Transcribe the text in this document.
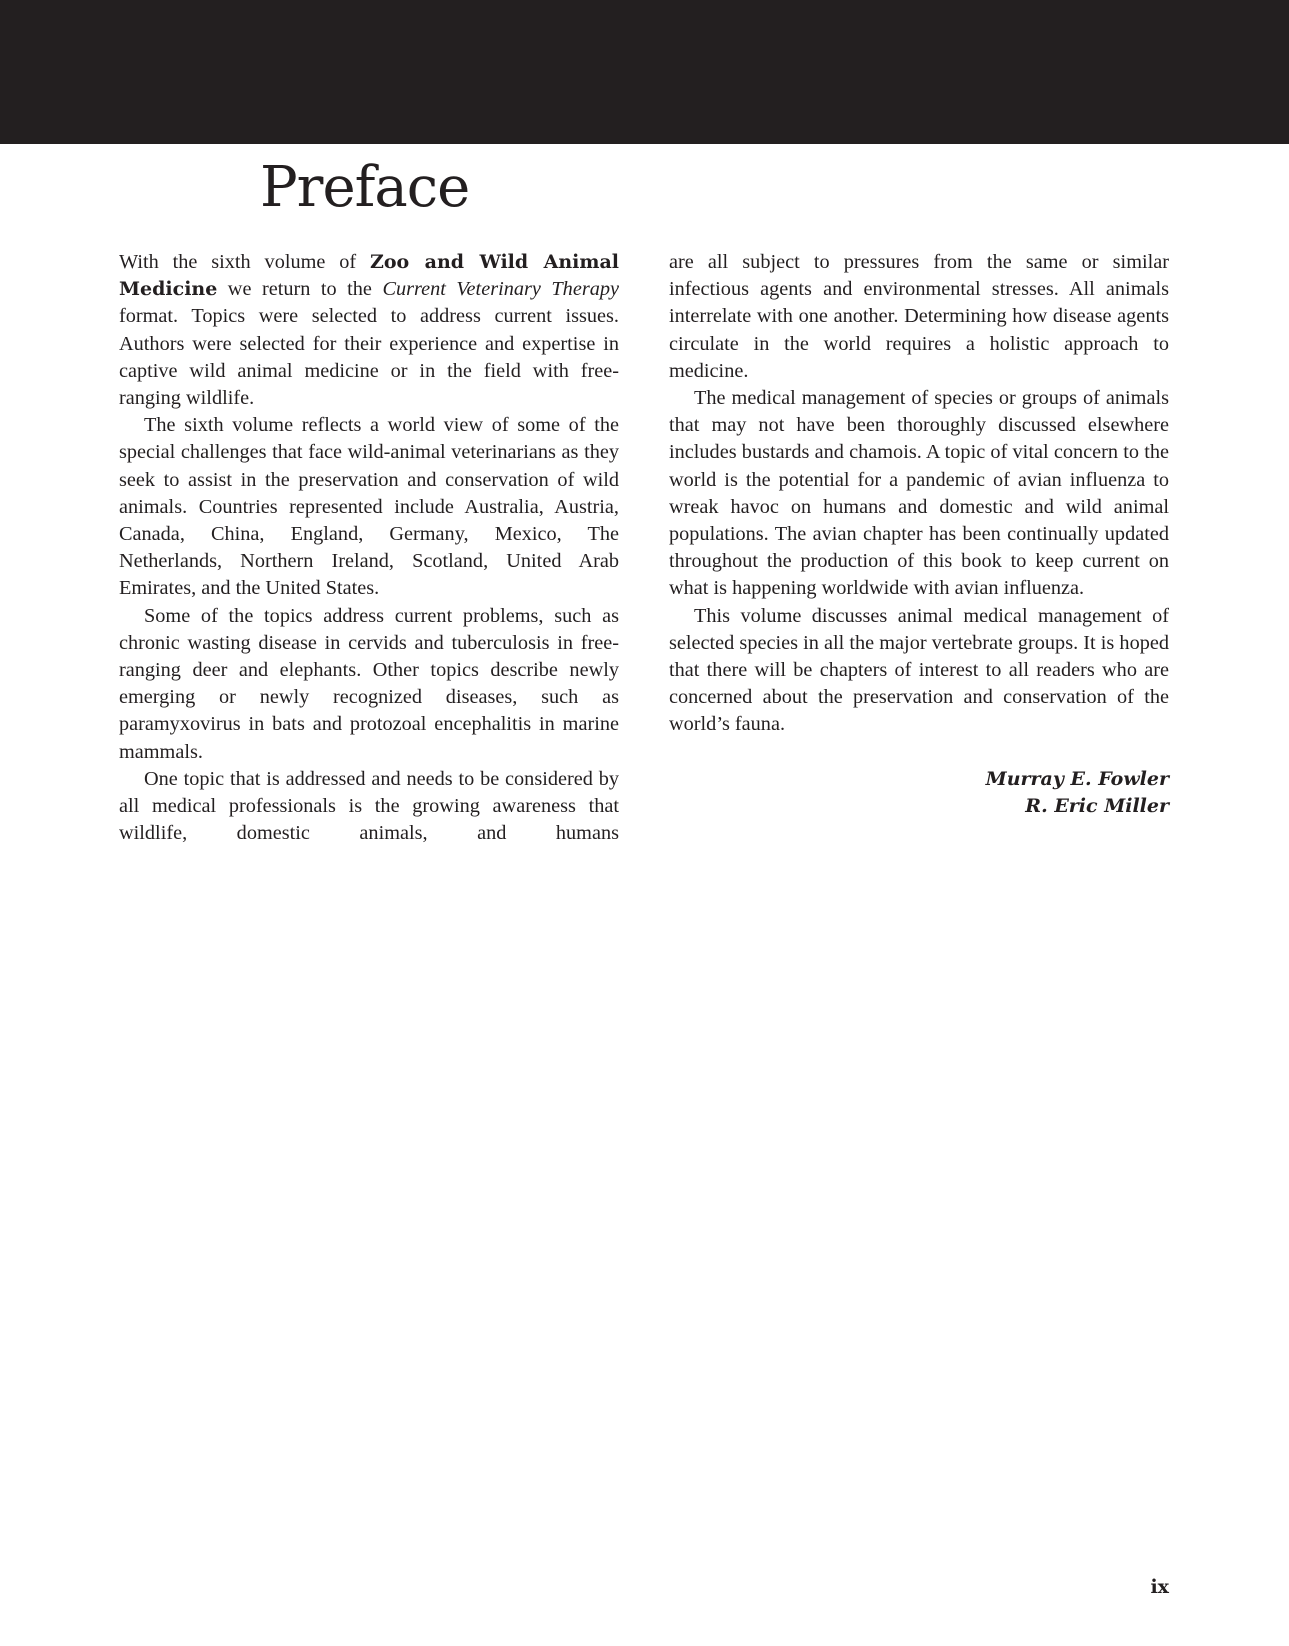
Preface

With the sixth volume of Zoo and Wild Animal Medicine we return to the Current Veterinary Therapy format. Topics were selected to address current issues. Authors were selected for their experience and expertise in captive wild animal medicine or in the field with free-ranging wildlife.

The sixth volume reflects a world view of some of the special challenges that face wild-animal veterinarians as they seek to assist in the preservation and conservation of wild animals. Countries represented include Australia, Austria, Canada, China, England, Germany, Mexico, The Netherlands, Northern Ireland, Scotland, United Arab Emirates, and the United States.

Some of the topics address current problems, such as chronic wasting disease in cervids and tuberculosis in free-ranging deer and elephants. Other topics describe newly emerging or newly recognized diseases, such as paramyxovirus in bats and protozoal encephalitis in marine mammals.

One topic that is addressed and needs to be considered by all medical professionals is the growing awareness that wildlife, domestic animals, and humans

are all subject to pressures from the same or similar infectious agents and environmental stresses. All animals interrelate with one another. Determining how disease agents circulate in the world requires a holistic approach to medicine.

The medical management of species or groups of animals that may not have been thoroughly discussed elsewhere includes bustards and chamois. A topic of vital concern to the world is the potential for a pandemic of avian influenza to wreak havoc on humans and domestic and wild animal populations. The avian chapter has been continually updated throughout the production of this book to keep current on what is happening worldwide with avian influenza.

This volume discusses animal medical management of selected species in all the major vertebrate groups. It is hoped that there will be chapters of interest to all readers who are concerned about the preservation and conservation of the world’s fauna.

Murray E. Fowler
R. Eric Miller
ix
